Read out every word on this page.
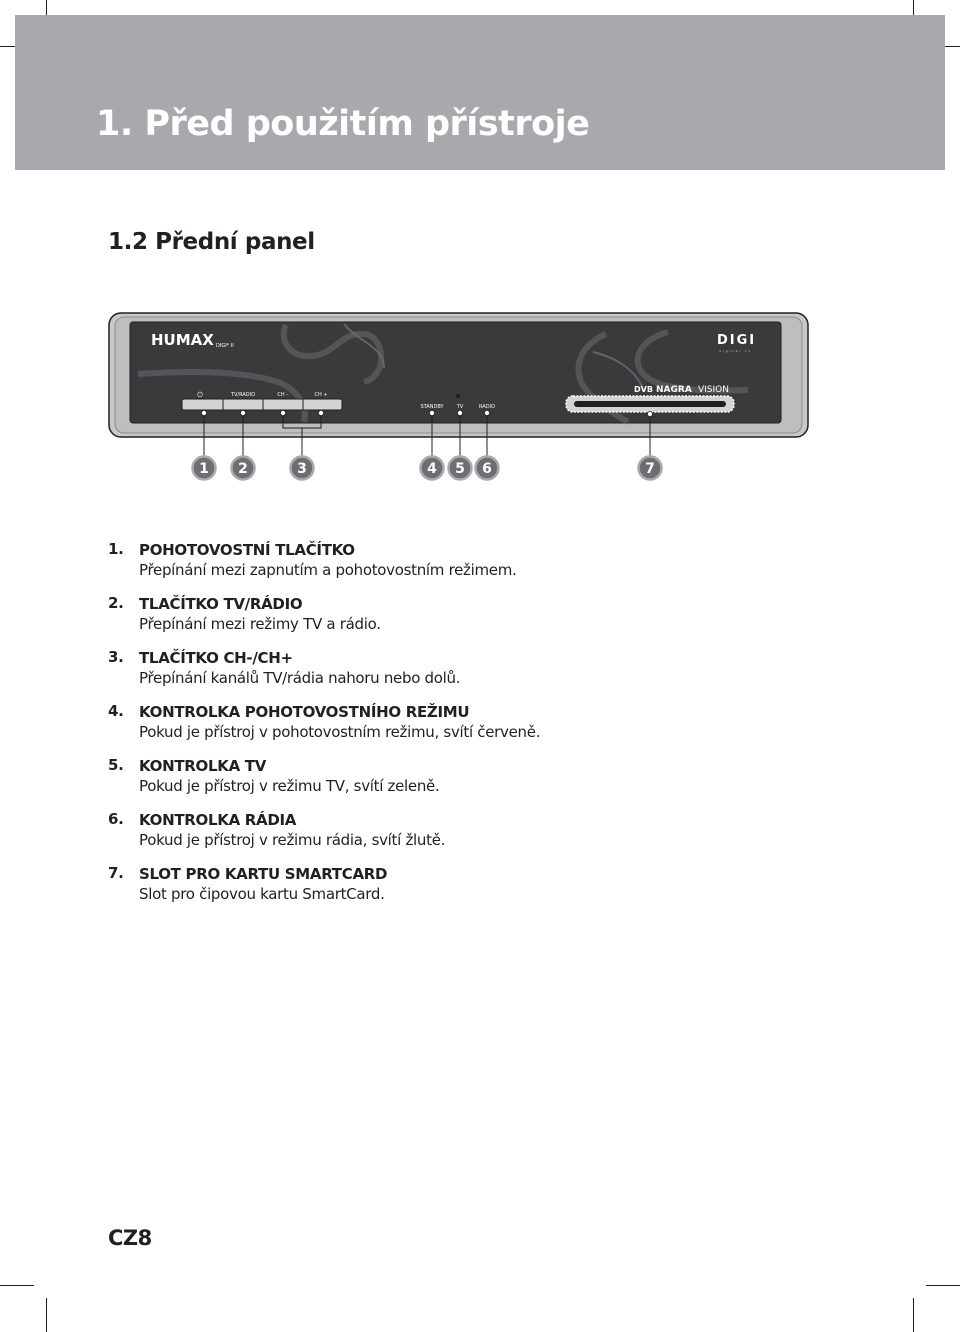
1. Před použitím přístroje
1.2 Přední panel
HUMAX DIGI* II	DIGI
digital tv
DVB NAGRA VISION
⏻	TV/RADIO	CH –	CH +
STANDBY	TV	RADIO
1 2	3	4 5 6	7
1.	POHOTOVOSTNÍ TLAČÍTKO
Přepínání mezi zapnutím a pohotovostním režimem.
2.	TLAČÍTKO TV/RÁDIO
Přepínání mezi režimy TV a rádio.
3.	TLAČÍTKO CH-/CH+
Přepínání kanálů TV/rádia nahoru nebo dolů.
4.	KONTROLKA POHOTOVOSTNÍHO REŽIMU
Pokud je přístroj v pohotovostním režimu, svítí červeně.
5.	KONTROLKA TV
Pokud je přístroj v režimu TV, svítí zeleně.
6.	KONTROLKA RÁDIA
Pokud je přístroj v režimu rádia, svítí žlutě.
7.	SLOT PRO KARTU SMARTCARD
Slot pro čipovou kartu SmartCard.

CZ8
